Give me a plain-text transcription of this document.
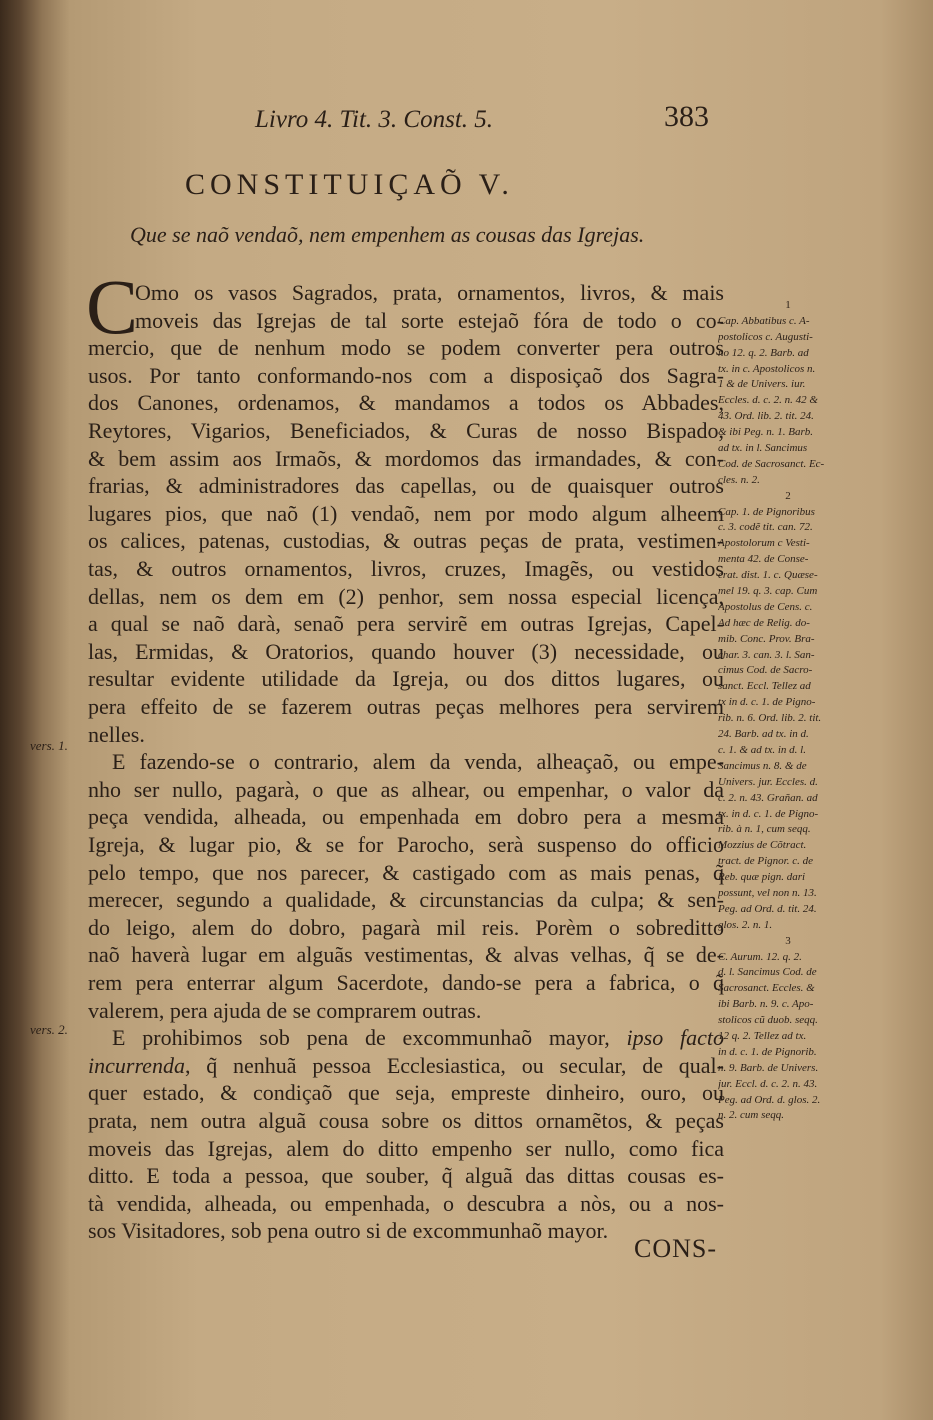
Livro 4. Tit. 3. Const. 5.	383
CONSTITUIÇAÕ V.
Que se naõ vendaõ, nem empenhem as cousas das Igrejas.
C
Omo os vasos Sagrados, prata, ornamentos, livros, & mais
moveis das Igrejas de tal sorte estejaõ fóra de todo o co-
mercio, que de nenhum modo se podem converter pera outros
usos. Por tanto conformando-nos com a disposiçaõ dos Sagra-
dos Canones, ordenamos, & mandamos a todos os Abbades,
Reytores, Vigarios, Beneficiados, & Curas de nosso Bispado,
& bem assim aos Irmaõs, & mordomos das irmandades, & con-
frarias, & administradores das capellas, ou de quaisquer outros
lugares pios, que naõ (1) vendaõ, nem por modo algum alheem
os calices, patenas, custodias, & outras peças de prata, vestimen-
tas, & outros ornamentos, livros, cruzes, Imagẽs, ou vestidos
dellas, nem os dem em (2) penhor, sem nossa especial licença,
a qual se naõ darà, senaõ pera servirẽ em outras Igrejas, Capel-
las, Ermidas, & Oratorios, quando houver (3) necessidade, ou
resultar evidente utilidade da Igreja, ou dos dittos lugares, ou
pera effeito de se fazerem outras peças melhores pera servirem
nelles.
E fazendo-se o contrario, alem da venda, alheaçaõ, ou empe-
nho ser nullo, pagarà, o que as alhear, ou empenhar, o valor da
peça vendida, alheada, ou empenhada em dobro pera a mesma
Igreja, & lugar pio, & se for Parocho, serà suspenso do officio
pelo tempo, que nos parecer, & castigado com as mais penas, q̃
merecer, segundo a qualidade, & circunstancias da culpa; & sen-
do leigo, alem do dobro, pagarà mil reis. Porèm o sobreditto
naõ haverà lugar em alguãs vestimentas, & alvas velhas, q̃ se de-
rem pera enterrar algum Sacerdote, dando-se pera a fabrica, o q̃
valerem, pera ajuda de se comprarem outras.
E prohibimos sob pena de excommunhaõ mayor, ipso facto
incurrenda, q̃ nenhuã pessoa Ecclesiastica, ou secular, de qual-
quer estado, & condiçaõ que seja, empreste dinheiro, ouro, ou
prata, nem outra alguã cousa sobre os dittos ornamẽtos, & peças
moveis das Igrejas, alem do ditto empenho ser nullo, como fica
ditto. E toda a pessoa, que souber, q̃ alguã das dittas cousas es-
tà vendida, alheada, ou empenhada, o descubra a nòs, ou a nos-
sos Visitadores, sob pena outro si de excommunhaõ mayor.
1
Cap. Abbatibus c. A-
postolicos c. Augusti-
no 12. q. 2. Barb. ad
tx. in c. Apostolicos n.
1 & de Univers. iur.
Eccles. d. c. 2. n. 42 &
43. Ord. lib. 2. tit. 24.
& ibi Peg. n. 1. Barb.
ad tx. in l. Sancimus
Cod. de Sacrosanct. Ec-
cles. n. 2.
2
Cap. 1. de Pignoribus
c. 3. codẽ tit. can. 72.
Apostolorum c Vesti-
menta 42. de Conse-
crat. dist. 1. c. Quæse-
mel 19. q. 3. cap. Cum
Apostolus de Cens. c.
Ad hæc de Relig. do-
mib. Conc. Prov. Bra-
char. 3. can. 3. l. San-
cimus Cod. de Sacro-
sanct. Eccl. Tellez ad
tx in d. c. 1. de Pigno-
rib. n. 6. Ord. lib. 2. tit.
24. Barb. ad tx. in d.
c. 1. & ad tx. in d. l.
Sancimus n. 8. & de
Univers. jur. Eccles. d.
c. 2. n. 43. Grañan. ad
tx. in d. c. 1. de Pigno-
rib. à n. 1, cum seqq.
Mozzius de Cõtract.
tract. de Pignor. c. de
Reb. quæ pign. dari
possunt, vel non n. 13.
Peg. ad Ord. d. tit. 24.
glos. 2. n. 1.
3
C. Aurum. 12. q. 2.
d. l. Sancimus Cod. de
Sacrosanct. Eccles. &
ibi Barb. n. 9. c. Apo-
stolicos cũ duob. seqq.
12 q. 2. Tellez ad tx.
in d. c. 1. de Pignorib.
n. 9. Barb. de Univers.
jur. Eccl. d. c. 2. n. 43.
Peg. ad Ord. d. glos. 2.
n. 2. cum seqq.
vers. 1.
vers. 2.
CONS-
